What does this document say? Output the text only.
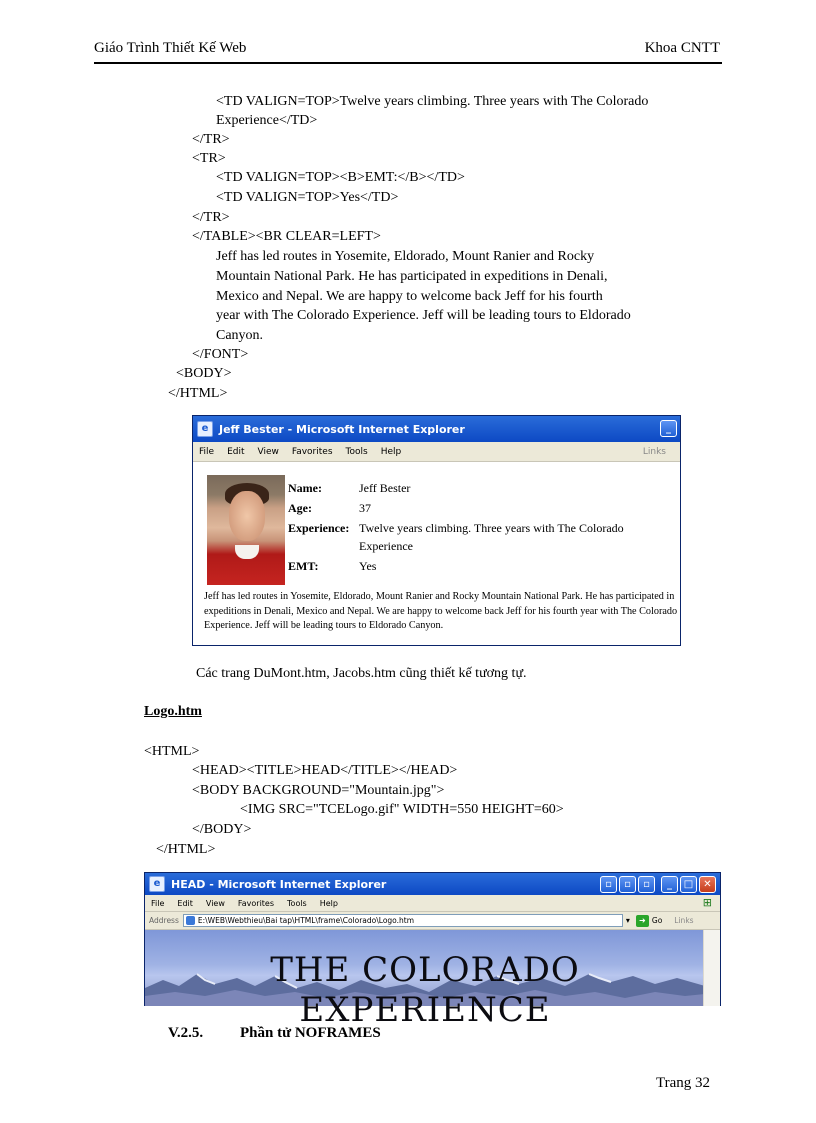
Giáo Trình Thiết Kế Web	Khoa CNTT
<TD VALIGN=TOP>Twelve years climbing. Three years with The Colorado
Experience</TD>
</TR>
<TR>
<TD VALIGN=TOP><B>EMT:</B></TD>
<TD VALIGN=TOP>Yes</TD>
</TR>
</TABLE><BR CLEAR=LEFT>
Jeff has led routes in Yosemite, Eldorado, Mount Ranier and Rocky
Mountain National Park. He has participated in expeditions in Denali,
Mexico and Nepal. We are happy to welcome back Jeff for his fourth
year with The Colorado Experience. Jeff will be leading tours to Eldorado
Canyon.
</FONT>
<BODY>
</HTML>
e Jeff Bester - Microsoft Internet Explorer	_
File Edit View Favorites Tools Help	Links
Name:	Jeff Bester
Age:	37
Experience: Twelve years climbing. Three years with The Colorado
Experience
EMT:	Yes
Jeff has led routes in Yosemite, Eldorado, Mount Ranier and Rocky Mountain National Park. He has participated in expeditions in Denali, Mexico and Nepal. We are happy to welcome back Jeff for his fourth year with The Colorado Experience. Jeff will be leading tours to Eldorado Canyon.
Các trang DuMont.htm, Jacobs.htm cũng thiết kế tương tự.
Logo.htm
<HTML>
<HEAD><TITLE>HEAD</TITLE></HEAD>
<BODY BACKGROUND="Mountain.jpg">
<IMG SRC="TCELogo.gif" WIDTH=550 HEIGHT=60>
</BODY>
</HTML>
e HEAD - Microsoft Internet Explorer	▫	▫	▫	_	□	✕
File Edit View Favorites Tools Help	⊞
Address	E:\WEB\Webthieu\Bai tap\HTML\frame\Colorado\Logo.htm	▾	➜ Go Links
THE COLORADO EXPERIENCE
V.2.5. Phần tử NOFRAMES
Trang 32
